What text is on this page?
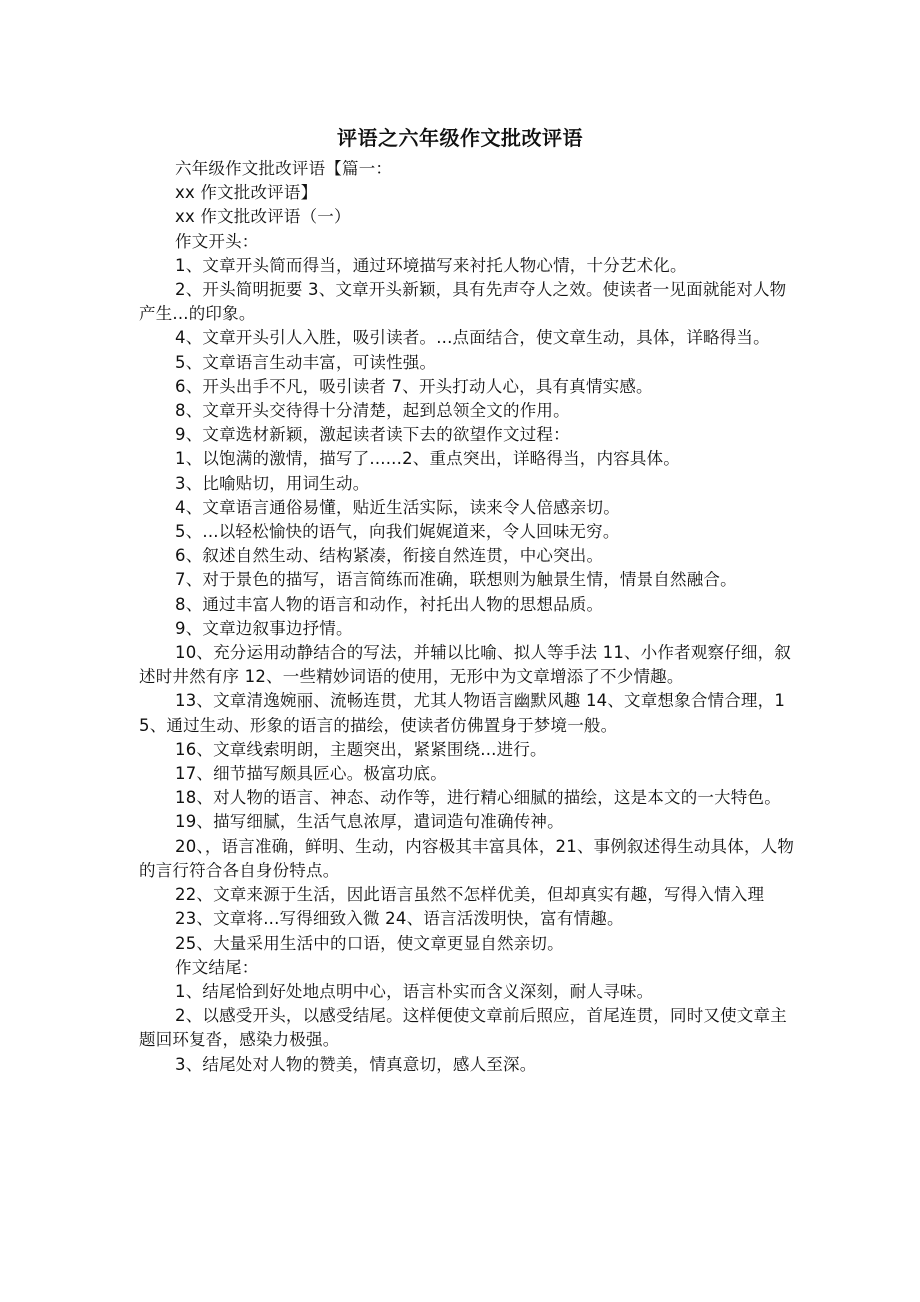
评语之六年级作文批改评语

六年级作文批改评语【篇一：

xx 作文批改评语】

xx 作文批改评语（一）

作文开头：

1、文章开头简而得当，通过环境描写来衬托人物心情，十分艺术化。

2、开头简明扼要 3、文章开头新颖，具有先声夺人之效。使读者一见面就能对人物产生...的印象。

4、文章开头引人入胜，吸引读者。...点面结合，使文章生动，具体，详略得当。

5、文章语言生动丰富，可读性强。

6、开头出手不凡，吸引读者 7、开头打动人心，具有真情实感。

8、文章开头交待得十分清楚，起到总领全文的作用。

9、文章选材新颖，激起读者读下去的欲望作文过程：

1、以饱满的激情，描写了......2、重点突出，详略得当，内容具体。

3、比喻贴切，用词生动。

4、文章语言通俗易懂，贴近生活实际，读来令人倍感亲切。

5、...以轻松愉快的语气，向我们娓娓道来，令人回味无穷。

6、叙述自然生动、结构紧凑，衔接自然连贯，中心突出。

7、对于景色的描写，语言简练而准确，联想则为触景生情，情景自然融合。

8、通过丰富人物的语言和动作，衬托出人物的思想品质。

9、文章边叙事边抒情。

10、充分运用动静结合的写法，并辅以比喻、拟人等手法 11、小作者观察仔细，叙述时井然有序 12、一些精妙词语的使用，无形中为文章增添了不少情趣。

13、文章清逸婉丽、流畅连贯，尤其人物语言幽默风趣 14、文章想象合情合理，15、通过生动、形象的语言的描绘，使读者仿佛置身于梦境一般。

16、文章线索明朗，主题突出，紧紧围绕...进行。

17、细节描写颇具匠心。极富功底。

18、对人物的语言、神态、动作等，进行精心细腻的描绘，这是本文的一大特色。

19、描写细腻，生活气息浓厚，遣词造句准确传神。

20、，语言准确，鲜明、生动，内容极其丰富具体，21、事例叙述得生动具体，人物的言行符合各自身份特点。

22、文章来源于生活，因此语言虽然不怎样优美，但却真实有趣，写得入情入理

23、文章将...写得细致入微 24、语言活泼明快，富有情趣。

25、大量采用生活中的口语，使文章更显自然亲切。

作文结尾：

1、结尾恰到好处地点明中心，语言朴实而含义深刻，耐人寻味。

2、以感受开头，以感受结尾。这样便使文章前后照应，首尾连贯，同时又使文章主题回环复沓，感染力极强。

3、结尾处对人物的赞美，情真意切，感人至深。
